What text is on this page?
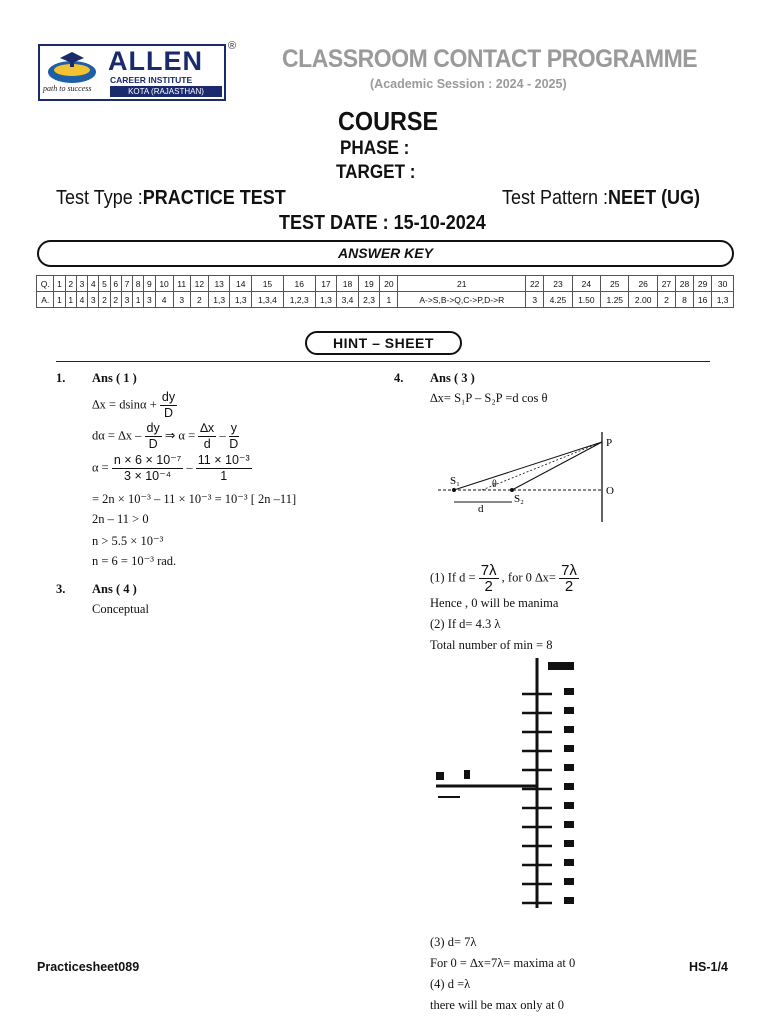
ALLEN
CAREER INSTITUTE
KOTA (RAJASTHAN)
path to success
® CLASSROOM CONTACT PROGRAMME
(Academic Session : 2024 - 2025)
COURSE
PHASE :
TARGET :
Test Type :PRACTICE TEST	Test Pattern :NEET (UG)
TEST DATE : 15-10-2024
ANSWER KEY
Q.	1	2	3	4	5	6	7	8	9	10	11	12	13	14	15	16	17	18	19	20	21	22	23	24	25	26	27	28	29	30
A.	1	1	4	3	2	2	3	1	3	4	3	2	1,3	1,3	1,3,4	1,2,3	1,3	3,4	2,3	1	A->S,B->Q,C->P,D->R	3	4.25	1.50	1.25	2.00	2	8	16	1,3
HINT – SHEET
1. Ans ( 1 )
$\Delta x = dsin\alpha + \frac{dy}{D}$
$d\alpha = \Delta x - \frac{dy}{D}$ ⇒ $\alpha = \frac{\Delta x}{d} - \frac{y}{D}$
$\alpha = \frac{\text{n × 6 × 10⁻⁷}}{\text{3 × 10⁻⁴}} - \frac{\text{11 × 10⁻³}}{1}$
= 2n × 10⁻³ – 11 × 10⁻³ = 10⁻³ [ 2n –11]
2n – 11 > 0
n > 5.5 × 10⁻³
n = 6 = 10⁻³ rad.
3. Ans ( 4 )
Conceptual
4. Ans ( 3 )
∆x= S₁P – S₂P =d cos θ
S₁
S₂
P
O
d
θ
(1) If $d = \frac{7\lambda}{2}$ , for 0 $\Delta x= \frac{7\lambda}{2}$
Hence , 0 will be manima
(2) If d= 4.3 λ
Total number of min = 8
(3) d= 7λ
For 0 = ∆x=7λ= maxima at 0
(4) d =λ
there will be max only at 0
Practicesheet089	HS-1/4
